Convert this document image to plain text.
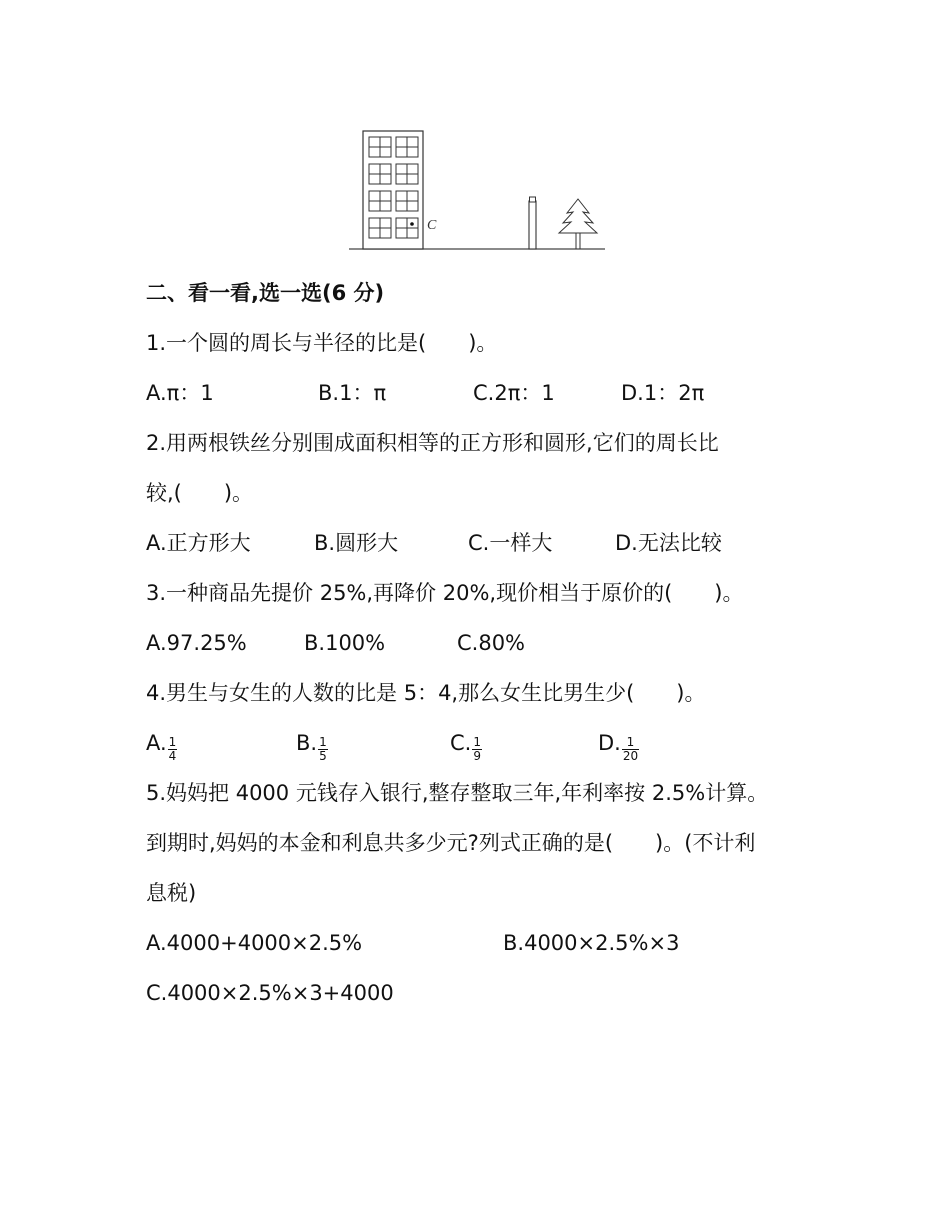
C
二、看一看,选一选(6 分)
1.一个圆的周长与半径的比是(　　)。
A.π：1	B.1：π	C.2π：1	D.1：2π
2.用两根铁丝分别围成面积相等的正方形和圆形,它们的周长比
较,(　　)。
A.正方形大	B.圆形大	C.一样大	D.无法比较
3.一种商品先提价 25%,再降价 20%,现价相当于原价的(　　)。
A.97.25%	B.100%	C.80%
4.男生与女生的人数的比是 5：4,那么女生比男生少(　　)。
A. $\frac{1}{4}$	B. $\frac{1}{5}$	C. $\frac{1}{9}$	D. $\frac{1}{20}$
5.妈妈把 4000 元钱存入银行,整存整取三年,年利率按 2.5%计算。
到期时,妈妈的本金和利息共多少元?列式正确的是(　　)。(不计利
息税)
A.4000+4000×2.5%	B.4000×2.5%×3
C.4000×2.5%×3+4000
